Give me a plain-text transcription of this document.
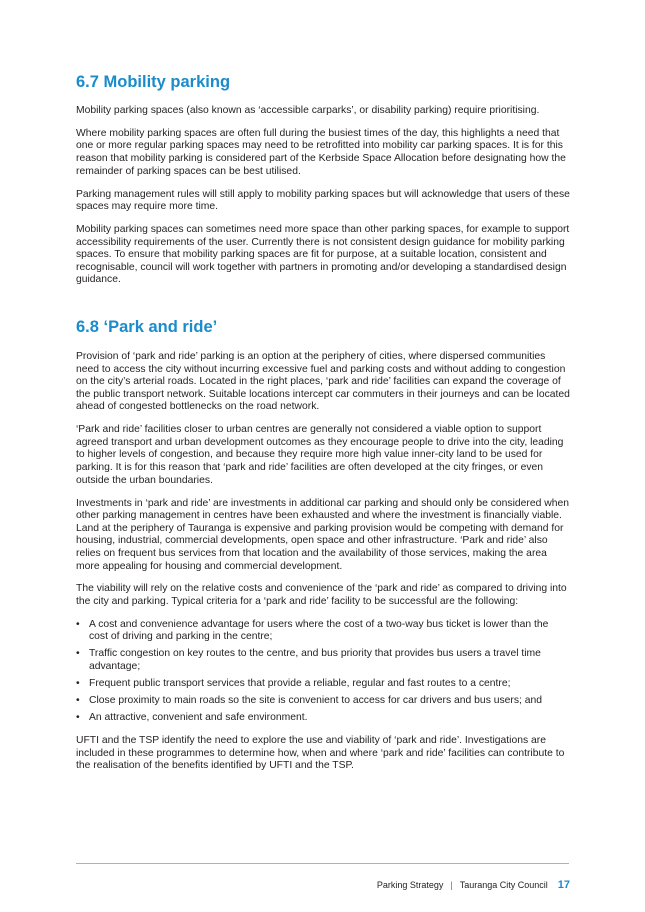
6.7 Mobility parking

Mobility parking spaces (also known as ‘accessible carparks’, or disability parking) require prioritising.

Where mobility parking spaces are often full during the busiest times of the day, this highlights a need that one or more regular parking spaces may need to be retrofitted into mobility car parking spaces. It is for this reason that mobility parking is considered part of the Kerbside Space Allocation before designating how the remainder of parking spaces can be best utilised.

Parking management rules will still apply to mobility parking spaces but will acknowledge that users of these spaces may require more time.

Mobility parking spaces can sometimes need more space than other parking spaces, for example to support accessibility requirements of the user. Currently there is not consistent design guidance for mobility parking spaces. To ensure that mobility parking spaces are fit for purpose, at a suitable location, consistent and recognisable, council will work together with partners in promoting and/or developing a standardised design guidance.

6.8 ‘Park and ride’

Provision of ‘park and ride’ parking is an option at the periphery of cities, where dispersed communities need to access the city without incurring excessive fuel and parking costs and without adding to congestion on the city’s arterial roads. Located in the right places, ‘park and ride’ facilities can expand the coverage of the public transport network. Suitable locations intercept car commuters in their journeys and can be located ahead of congested bottlenecks on the road network.

‘Park and ride’ facilities closer to urban centres are generally not considered a viable option to support agreed transport and urban development outcomes as they encourage people to drive into the city, leading to higher levels of congestion, and because they require more high value inner-city land to be used for parking. It is for this reason that ‘park and ride’ facilities are often developed at the city fringes, or even outside the urban boundaries.

Investments in ‘park and ride’ are investments in additional car parking and should only be considered when other parking management in centres have been exhausted and where the investment is financially viable. Land at the periphery of Tauranga is expensive and parking provision would be competing with demand for housing, industrial, commercial developments, open space and other infrastructure. ‘Park and ride’ also relies on frequent bus services from that location and the availability of those services, making the area more appealing for housing and commercial development.

The viability will rely on the relative costs and convenience of the ‘park and ride’ as compared to driving into the city and parking. Typical criteria for a ‘park and ride’ facility to be successful are the following:

• A cost and convenience advantage for users where the cost of a two-way bus ticket is lower than the cost of driving and parking in the centre;
• Traffic congestion on key routes to the centre, and bus priority that provides bus users a travel time advantage;
• Frequent public transport services that provide a reliable, regular and fast routes to a centre;
• Close proximity to main roads so the site is convenient to access for car drivers and bus users; and
• An attractive, convenient and safe environment.

UFTI and the TSP identify the need to explore the use and viability of ‘park and ride’. Investigations are included in these programmes to determine how, when and where ‘park and ride’ facilities can contribute to the realisation of the benefits identified by UFTI and the TSP.

Parking Strategy | Tauranga City Council 17
